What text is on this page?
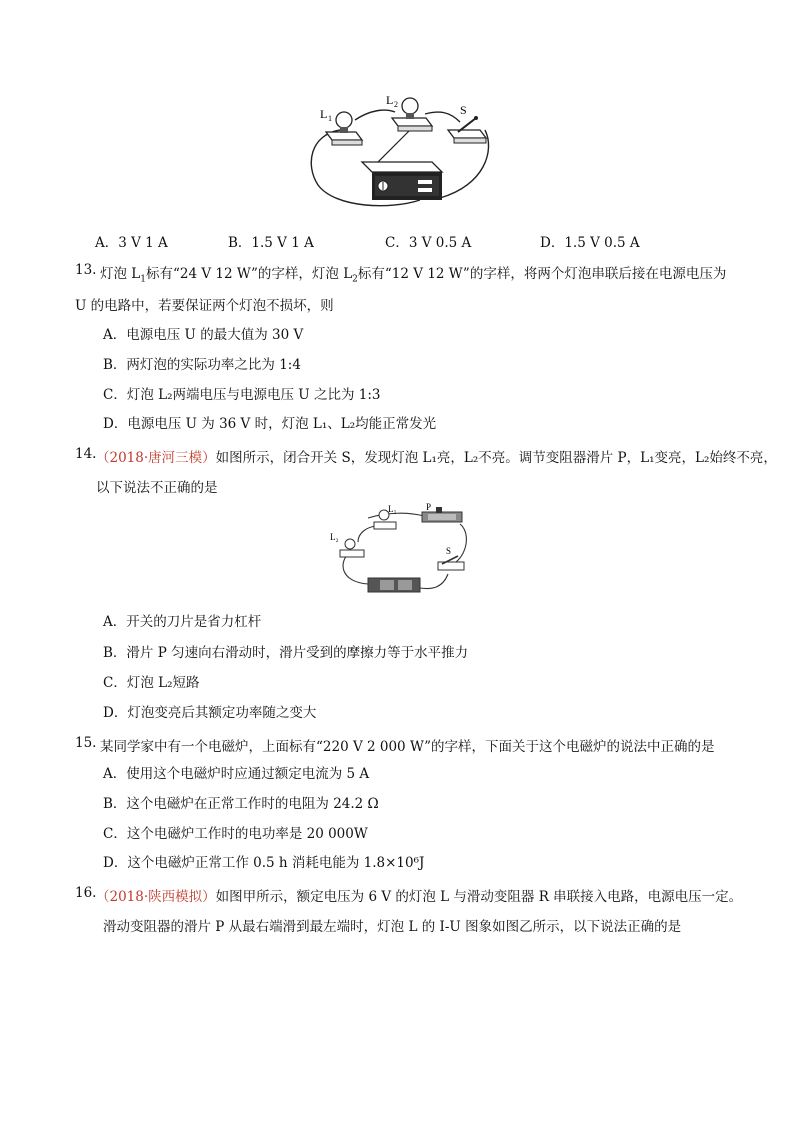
L 1
L 2	S
A．3 V 1 A	B．1.5 V 1 A	C．3 V 0.5 A	D．1.5 V 0.5 A
13. 灯泡 $L_1$标有“24 V 12 W”的字样，灯泡 $L_2$标有“12 V 12 W”的字样，将两个灯泡串联后接在电源电压为
U 的电路中，若要保证两个灯泡不损坏，则
A．电源电压 U 的最大值为 30 V
B．两灯泡的实际功率之比为 1:4
C．灯泡 L₂两端电压与电源电压 U 之比为 1:3
D．电源电压 U 为 36 V 时，灯泡 L₁、L₂均能正常发光
14. （2018·唐河三模）如图所示，闭合开关 S，发现灯泡 L₁亮，L₂不亮。调节变阻器滑片 P，L₁变亮，L₂始终不亮，
以下说法不正确的是
L₁	P
L₂
S
A．开关的刀片是省力杠杆
B．滑片 P 匀速向右滑动时，滑片受到的摩擦力等于水平推力
C．灯泡 L₂短路
D．灯泡变亮后其额定功率随之变大
15. 某同学家中有一个电磁炉，上面标有“220 V 2 000 W”的字样，下面关于这个电磁炉的说法中正确的是
A．使用这个电磁炉时应通过额定电流为 5 A
B．这个电磁炉在正常工作时的电阻为 24.2 Ω
C．这个电磁炉工作时的电功率是 20 000W
D．这个电磁炉正常工作 0.5 h 消耗电能为 1.8×10⁶J
16. （2018·陕西模拟）如图甲所示，额定电压为 6 V 的灯泡 L 与滑动变阻器 R 串联接入电路，电源电压一定。
滑动变阻器的滑片 P 从最右端滑到最左端时，灯泡 L 的 I-U 图象如图乙所示，以下说法正确的是
